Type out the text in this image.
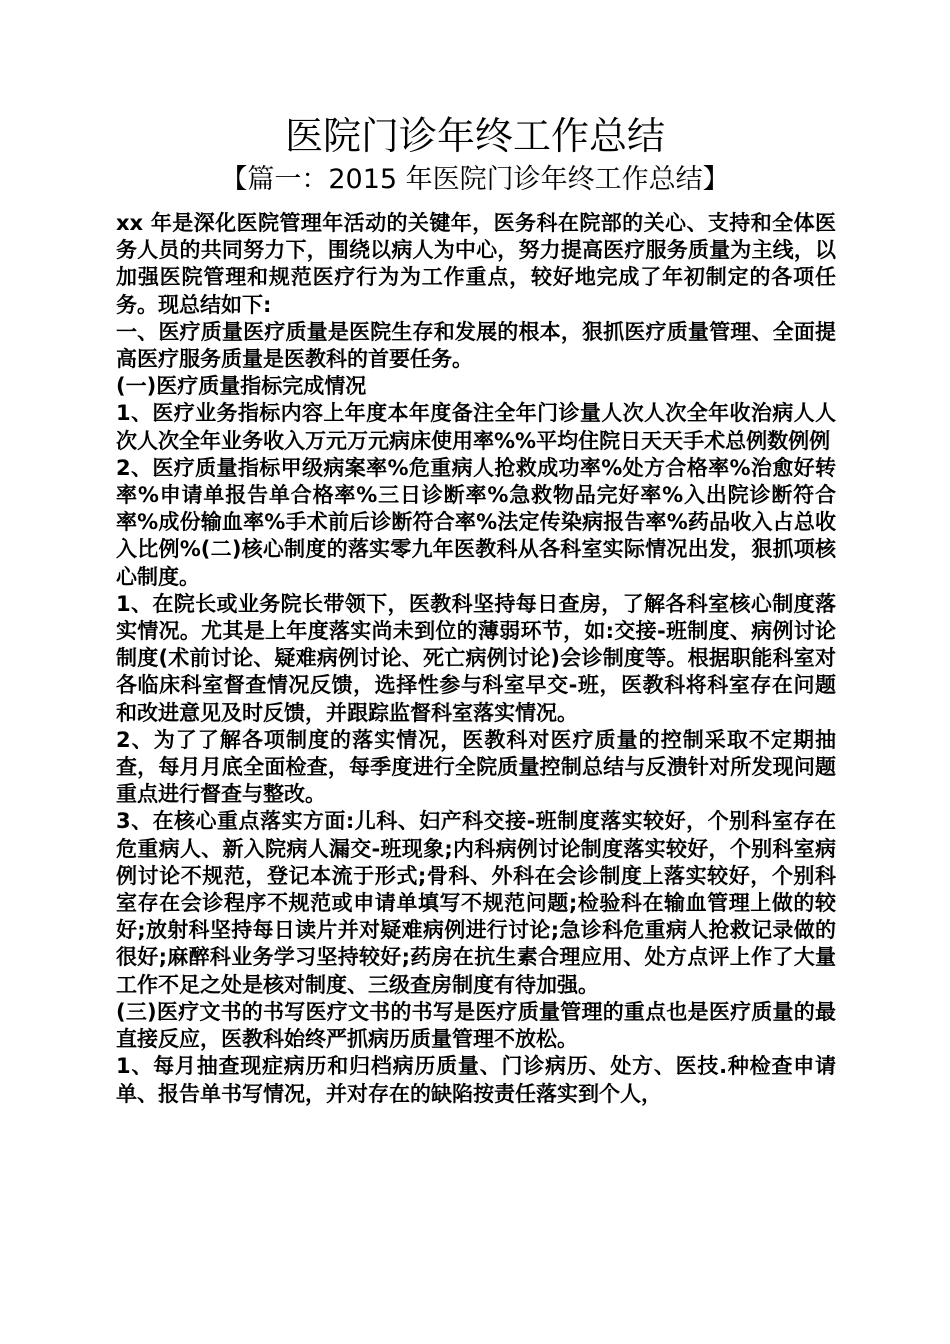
医院门诊年终工作总结
【篇一：2015 年医院门诊年终工作总结】

xx 年是深化医院管理年活动的关键年，医务科在院部的关心、支持和全体医务人员的共同努力下，围绕以病人为中心，努力提高医疗服务质量为主线，以加强医院管理和规范医疗行为为工作重点，较好地完成了年初制定的各项任务。现总结如下:

一、医疗质量医疗质量是医院生存和发展的根本，狠抓医疗质量管理、全面提高医疗服务质量是医教科的首要任务。

(一)医疗质量指标完成情况

1、医疗业务指标内容上年度本年度备注全年门诊量人次人次全年收治病人人次人次全年业务收入万元万元病床使用率%%平均住院日天天手术总例数例例

2、医疗质量指标甲级病案率%危重病人抢救成功率%处方合格率%治愈好转率%申请单报告单合格率%三日诊断率%急救物品完好率%入出院诊断符合率%成份输血率%手术前后诊断符合率%法定传染病报告率%药品收入占总收入比例%(二)核心制度的落实零九年医教科从各科室实际情况出发，狠抓项核心制度。

1、在院长或业务院长带领下，医教科坚持每日查房，了解各科室核心制度落实情况。尤其是上年度落实尚未到位的薄弱环节，如:交接-班制度、病例讨论制度(术前讨论、疑难病例讨论、死亡病例讨论)会诊制度等。根据职能科室对各临床科室督查情况反馈，选择性参与科室早交-班，医教科将科室存在问题和改进意见及时反馈，并跟踪监督科室落实情况。

2、为了了解各项制度的落实情况，医教科对医疗质量的控制采取不定期抽查，每月月底全面检查，每季度进行全院质量控制总结与反溃针对所发现问题重点进行督查与整改。

3、在核心重点落实方面:儿科、妇产科交接-班制度落实较好，个别科室存在危重病人、新入院病人漏交-班现象;内科病例讨论制度落实较好，个别科室病例讨论不规范，登记本流于形式;骨科、外科在会诊制度上落实较好，个别科室存在会诊程序不规范或申请单填写不规范问题;检验科在输血管理上做的较好;放射科坚持每日读片并对疑难病例进行讨论;急诊科危重病人抢救记录做的很好;麻醉科业务学习坚持较好;药房在抗生素合理应用、处方点评上作了大量工作不足之处是核对制度、三级查房制度有待加强。

(三)医疗文书的书写医疗文书的书写是医疗质量管理的重点也是医疗质量的最直接反应，医教科始终严抓病历质量管理不放松。

1、每月抽查现症病历和归档病历质量、门诊病历、处方、医技.种检查申请单、报告单书写情况，并对存在的缺陷按责任落实到个人，
